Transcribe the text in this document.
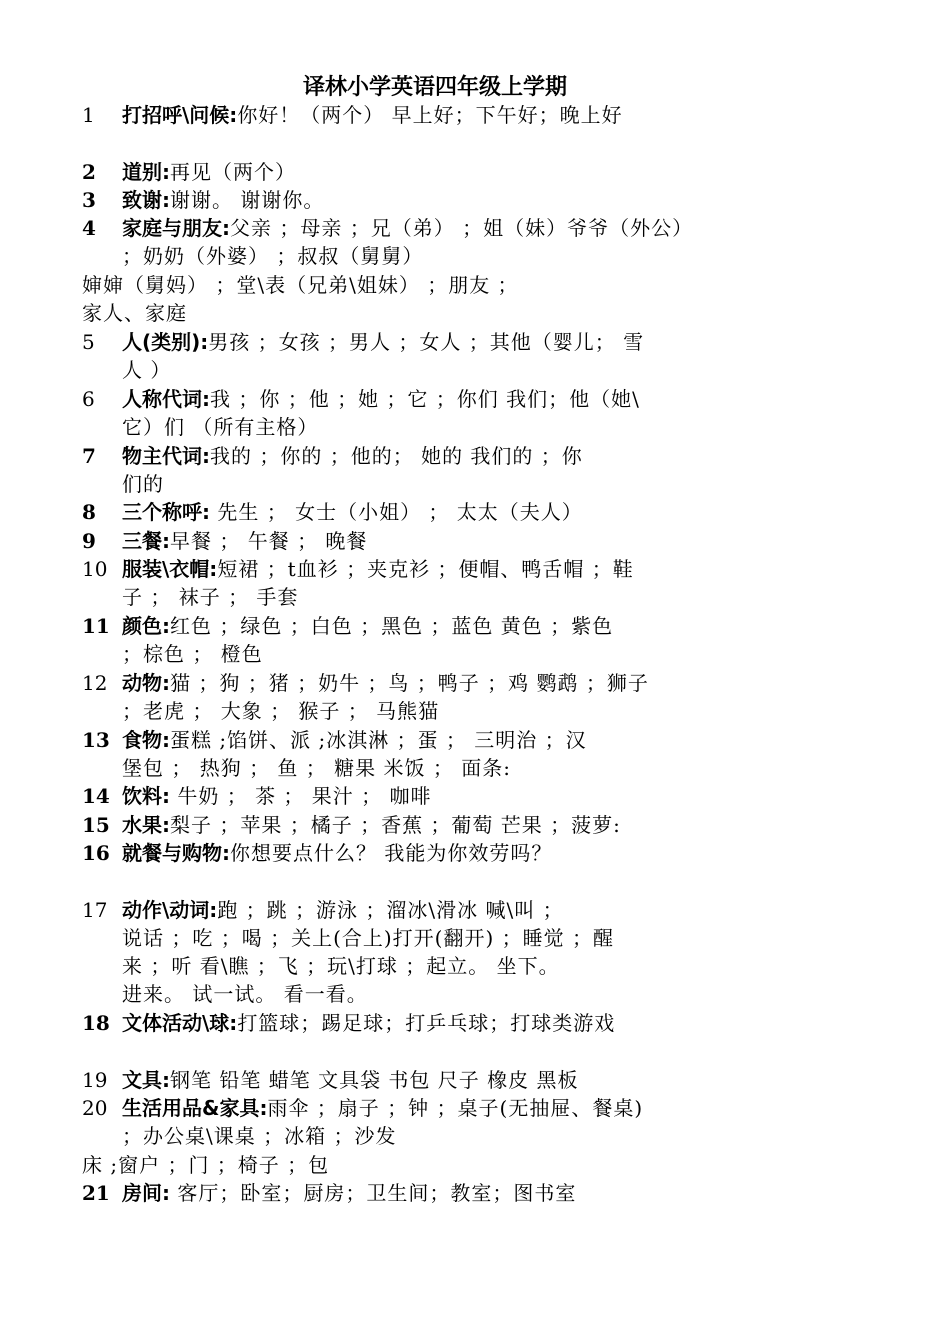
译林小学英语四年级上学期
1	打招呼\问候:你好！（两个） 早上好；下午好；晚上好
2	道别:再见（两个）
3	致谢:谢谢。 谢谢你。
4	家庭与朋友:父亲 ；母亲 ；兄（弟） ；姐（妹）爷爷（外公）
；奶奶（外婆） ；叔叔（舅舅）
婶婶（舅妈） ；堂\表（兄弟\姐妹） ；朋友 ；
家人、家庭
5	人(类别):男孩 ；女孩 ；男人 ；女人 ；其他（婴儿； 雪
人 ）
6	人称代词:我 ；你 ；他 ；她 ；它 ；你们 我们；他（她\
它）们 （所有主格）
7	物主代词:我的 ；你的 ；他的； 她的 我们的 ；你
们的
8	三个称呼: 先生 ； 女士（小姐） ； 太太（夫人）
9	三餐:早餐 ； 午餐 ； 晚餐
10 服装\衣帽:短裙 ；t血衫 ；夹克衫 ；便帽、鸭舌帽 ；鞋
子 ； 袜子 ； 手套
11 颜色:红色 ；绿色 ；白色 ；黑色 ；蓝色 黄色 ；紫色
；棕色 ； 橙色
12 动物:猫 ；狗 ；猪 ；奶牛 ；鸟 ；鸭子 ；鸡 鹦鹉 ；狮子
；老虎 ； 大象 ； 猴子 ； 马熊猫
13 食物:蛋糕 ;馅饼、派 ;冰淇淋 ；蛋 ； 三明治 ；汉
堡包 ； 热狗 ； 鱼 ； 糖果 米饭 ； 面条:
14 饮料: 牛奶 ； 茶 ； 果汁 ； 咖啡
15 水果:梨子 ；苹果 ；橘子 ；香蕉 ；葡萄 芒果 ；菠萝:
16 就餐与购物:你想要点什么？ 我能为你效劳吗？
17 动作\动词:跑 ；跳 ；游泳 ；溜冰\滑冰 喊\叫 ；
说话 ；吃 ；喝 ；关上(合上)打开(翻开) ；睡觉 ；醒
来 ；听 看\瞧 ；飞 ；玩\打球 ；起立。 坐下。
进来。 试一试。 看一看。
18 文体活动\球:打篮球；踢足球；打乒乓球；打球类游戏
19 文具:钢笔 铅笔 蜡笔 文具袋 书包 尺子 橡皮 黑板
20 生活用品&家具:雨伞 ；扇子 ；钟 ；桌子(无抽屉、餐桌)
；办公桌\课桌 ；冰箱 ；沙发
床 ;窗户 ；门 ；椅子 ；包
21 房间: 客厅；卧室；厨房；卫生间；教室；图书室
